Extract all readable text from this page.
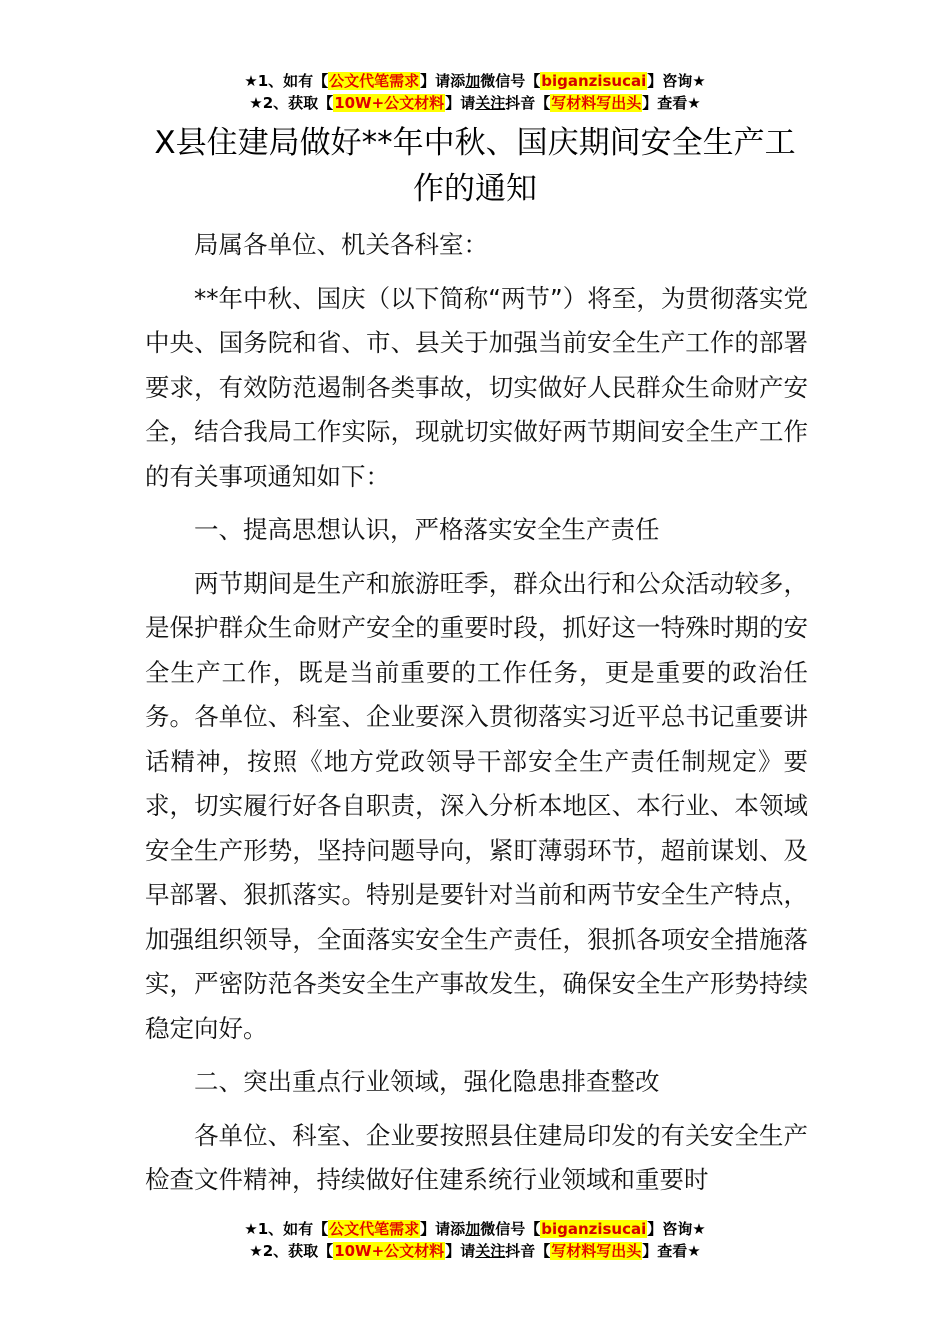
★1、如有【公文代笔需求】请添加微信号【biganzisucai】咨询★
★2、获取【10W+公文材料】请关注抖音【写材料写出头】查看★
X县住建局做好**年中秋、国庆期间安全生产工作的通知

局属各单位、机关各科室：

**年中秋、国庆（以下简称“两节”）将至，为贯彻落实党中央、国务院和省、市、县关于加强当前安全生产工作的部署要求，有效防范遏制各类事故，切实做好人民群众生命财产安全，结合我局工作实际，现就切实做好两节期间安全生产工作的有关事项通知如下：

一、提高思想认识，严格落实安全生产责任

两节期间是生产和旅游旺季，群众出行和公众活动较多，是保护群众生命财产安全的重要时段，抓好这一特殊时期的安全生产工作，既是当前重要的工作任务，更是重要的政治任务。各单位、科室、企业要深入贯彻落实习近平总书记重要讲话精神，按照《地方党政领导干部安全生产责任制规定》要求，切实履行好各自职责，深入分析本地区、本行业、本领域安全生产形势，坚持问题导向，紧盯薄弱环节，超前谋划、及早部署、狠抓落实。特别是要针对当前和两节安全生产特点，加强组织领导，全面落实安全生产责任，狠抓各项安全措施落实，严密防范各类安全生产事故发生，确保安全生产形势持续稳定向好。

二、突出重点行业领域，强化隐患排查整改

各单位、科室、企业要按照县住建局印发的有关安全生产检查文件精神，持续做好住建系统行业领域和重要时

★1、如有【公文代笔需求】请添加微信号【biganzisucai】咨询★
★2、获取【10W+公文材料】请关注抖音【写材料写出头】查看★
